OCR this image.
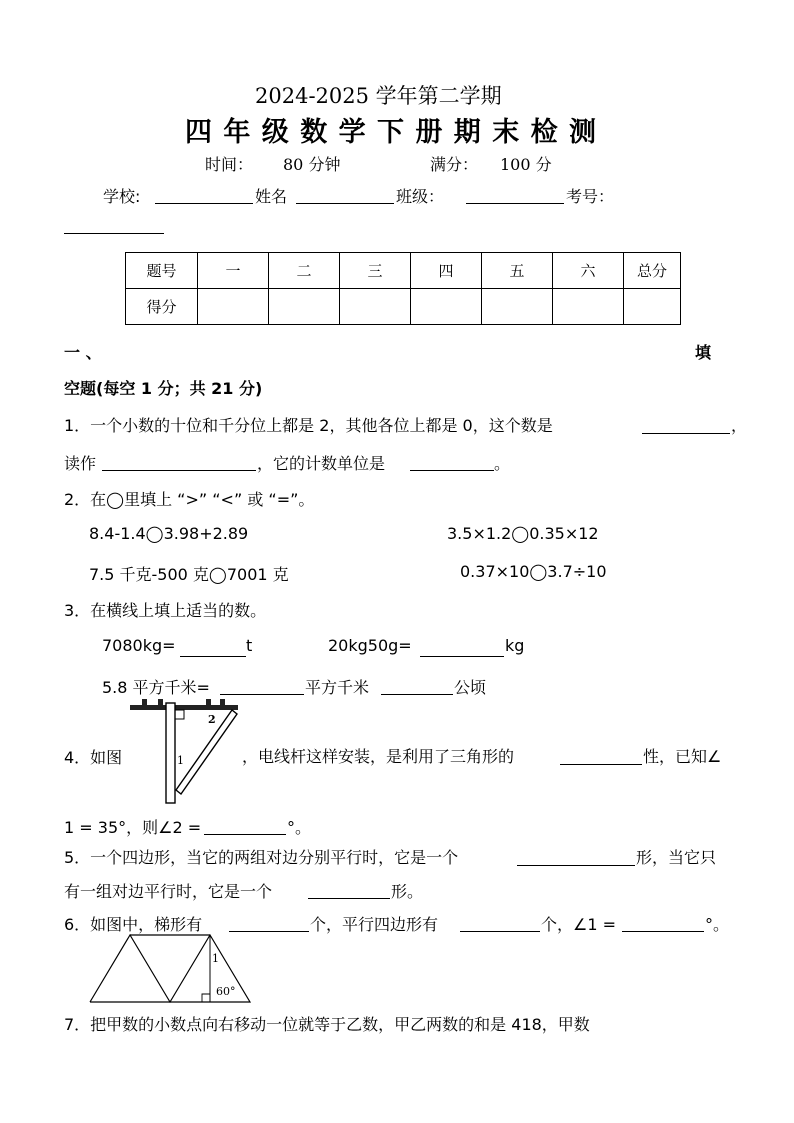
2024-2025 学年第二学期
四 年 级 数 学 下 册 期 末 检 测
时间： 80 分钟	满分： 100 分
学校:	姓名	班级：	考号：
题号	一	二	三	四	五	六	总分
得分							
一 、	填
空题(每空 1 分；共 21 分)
1．一个小数的十位和千分位上都是 2，其他各位上都是 0，这个数是	，
读作	，它的计数单位是	。
2．在◯里填上 “>” “<” 或 “=”。
8.4-1.4◯3.98+2.89	3.5×1.2◯0.35×12
7.5 千克-500 克◯7001 克	0.37×10◯3.7÷10
3．在横线上填上适当的数。
7080kg=	t	20kg50g=	kg
5.8 平方千米=	平方千米	公顷
1
2
4．如图	，电线杆这样安装，是利用了三角形的	性，已知∠
1 = 35°，则∠2 =	°。
5．一个四边形，当它的两组对边分别平行时，它是一个	形，当它只
有一组对边平行时，它是一个	形。
6．如图中，梯形有	个，平行四边形有	个，∠1 =	°。
1
60°
7．把甲数的小数点向右移动一位就等于乙数，甲乙两数的和是 418，甲数
